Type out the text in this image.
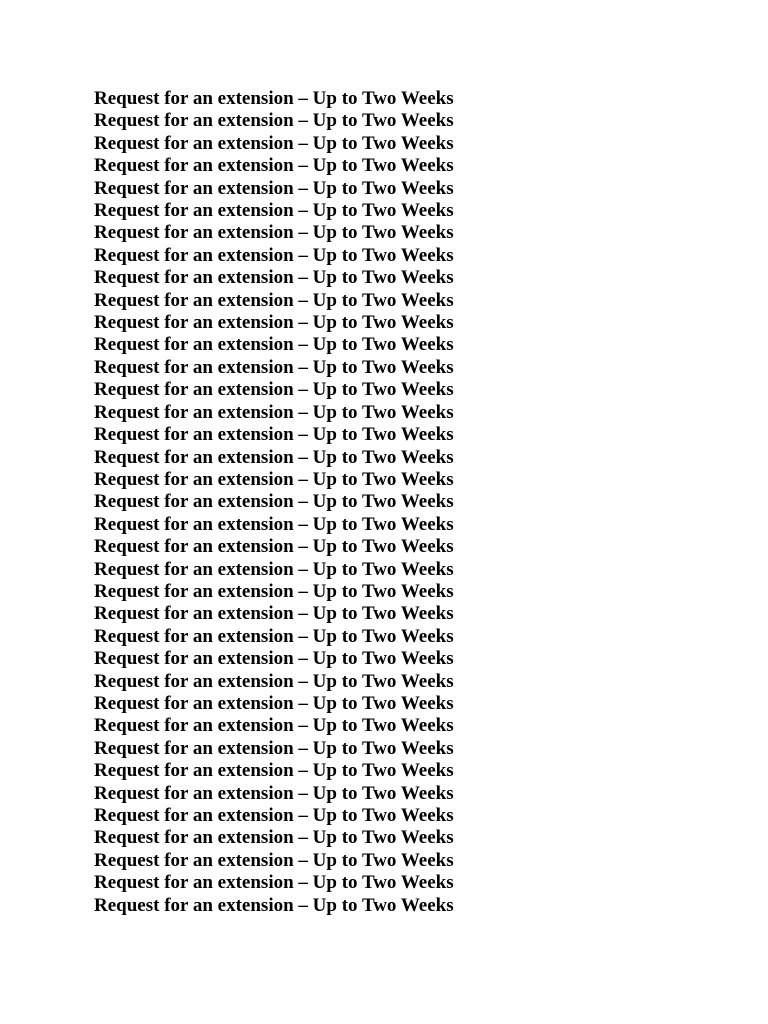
Request for an extension – Up to Two Weeks
Request for an extension – Up to Two Weeks
Request for an extension – Up to Two Weeks
Request for an extension – Up to Two Weeks
Request for an extension – Up to Two Weeks
Request for an extension – Up to Two Weeks
Request for an extension – Up to Two Weeks
Request for an extension – Up to Two Weeks
Request for an extension – Up to Two Weeks
Request for an extension – Up to Two Weeks
Request for an extension – Up to Two Weeks
Request for an extension – Up to Two Weeks
Request for an extension – Up to Two Weeks
Request for an extension – Up to Two Weeks
Request for an extension – Up to Two Weeks
Request for an extension – Up to Two Weeks
Request for an extension – Up to Two Weeks
Request for an extension – Up to Two Weeks
Request for an extension – Up to Two Weeks
Request for an extension – Up to Two Weeks
Request for an extension – Up to Two Weeks
Request for an extension – Up to Two Weeks
Request for an extension – Up to Two Weeks
Request for an extension – Up to Two Weeks
Request for an extension – Up to Two Weeks
Request for an extension – Up to Two Weeks
Request for an extension – Up to Two Weeks
Request for an extension – Up to Two Weeks
Request for an extension – Up to Two Weeks
Request for an extension – Up to Two Weeks
Request for an extension – Up to Two Weeks
Request for an extension – Up to Two Weeks
Request for an extension – Up to Two Weeks
Request for an extension – Up to Two Weeks
Request for an extension – Up to Two Weeks
Request for an extension – Up to Two Weeks
Request for an extension – Up to Two Weeks
